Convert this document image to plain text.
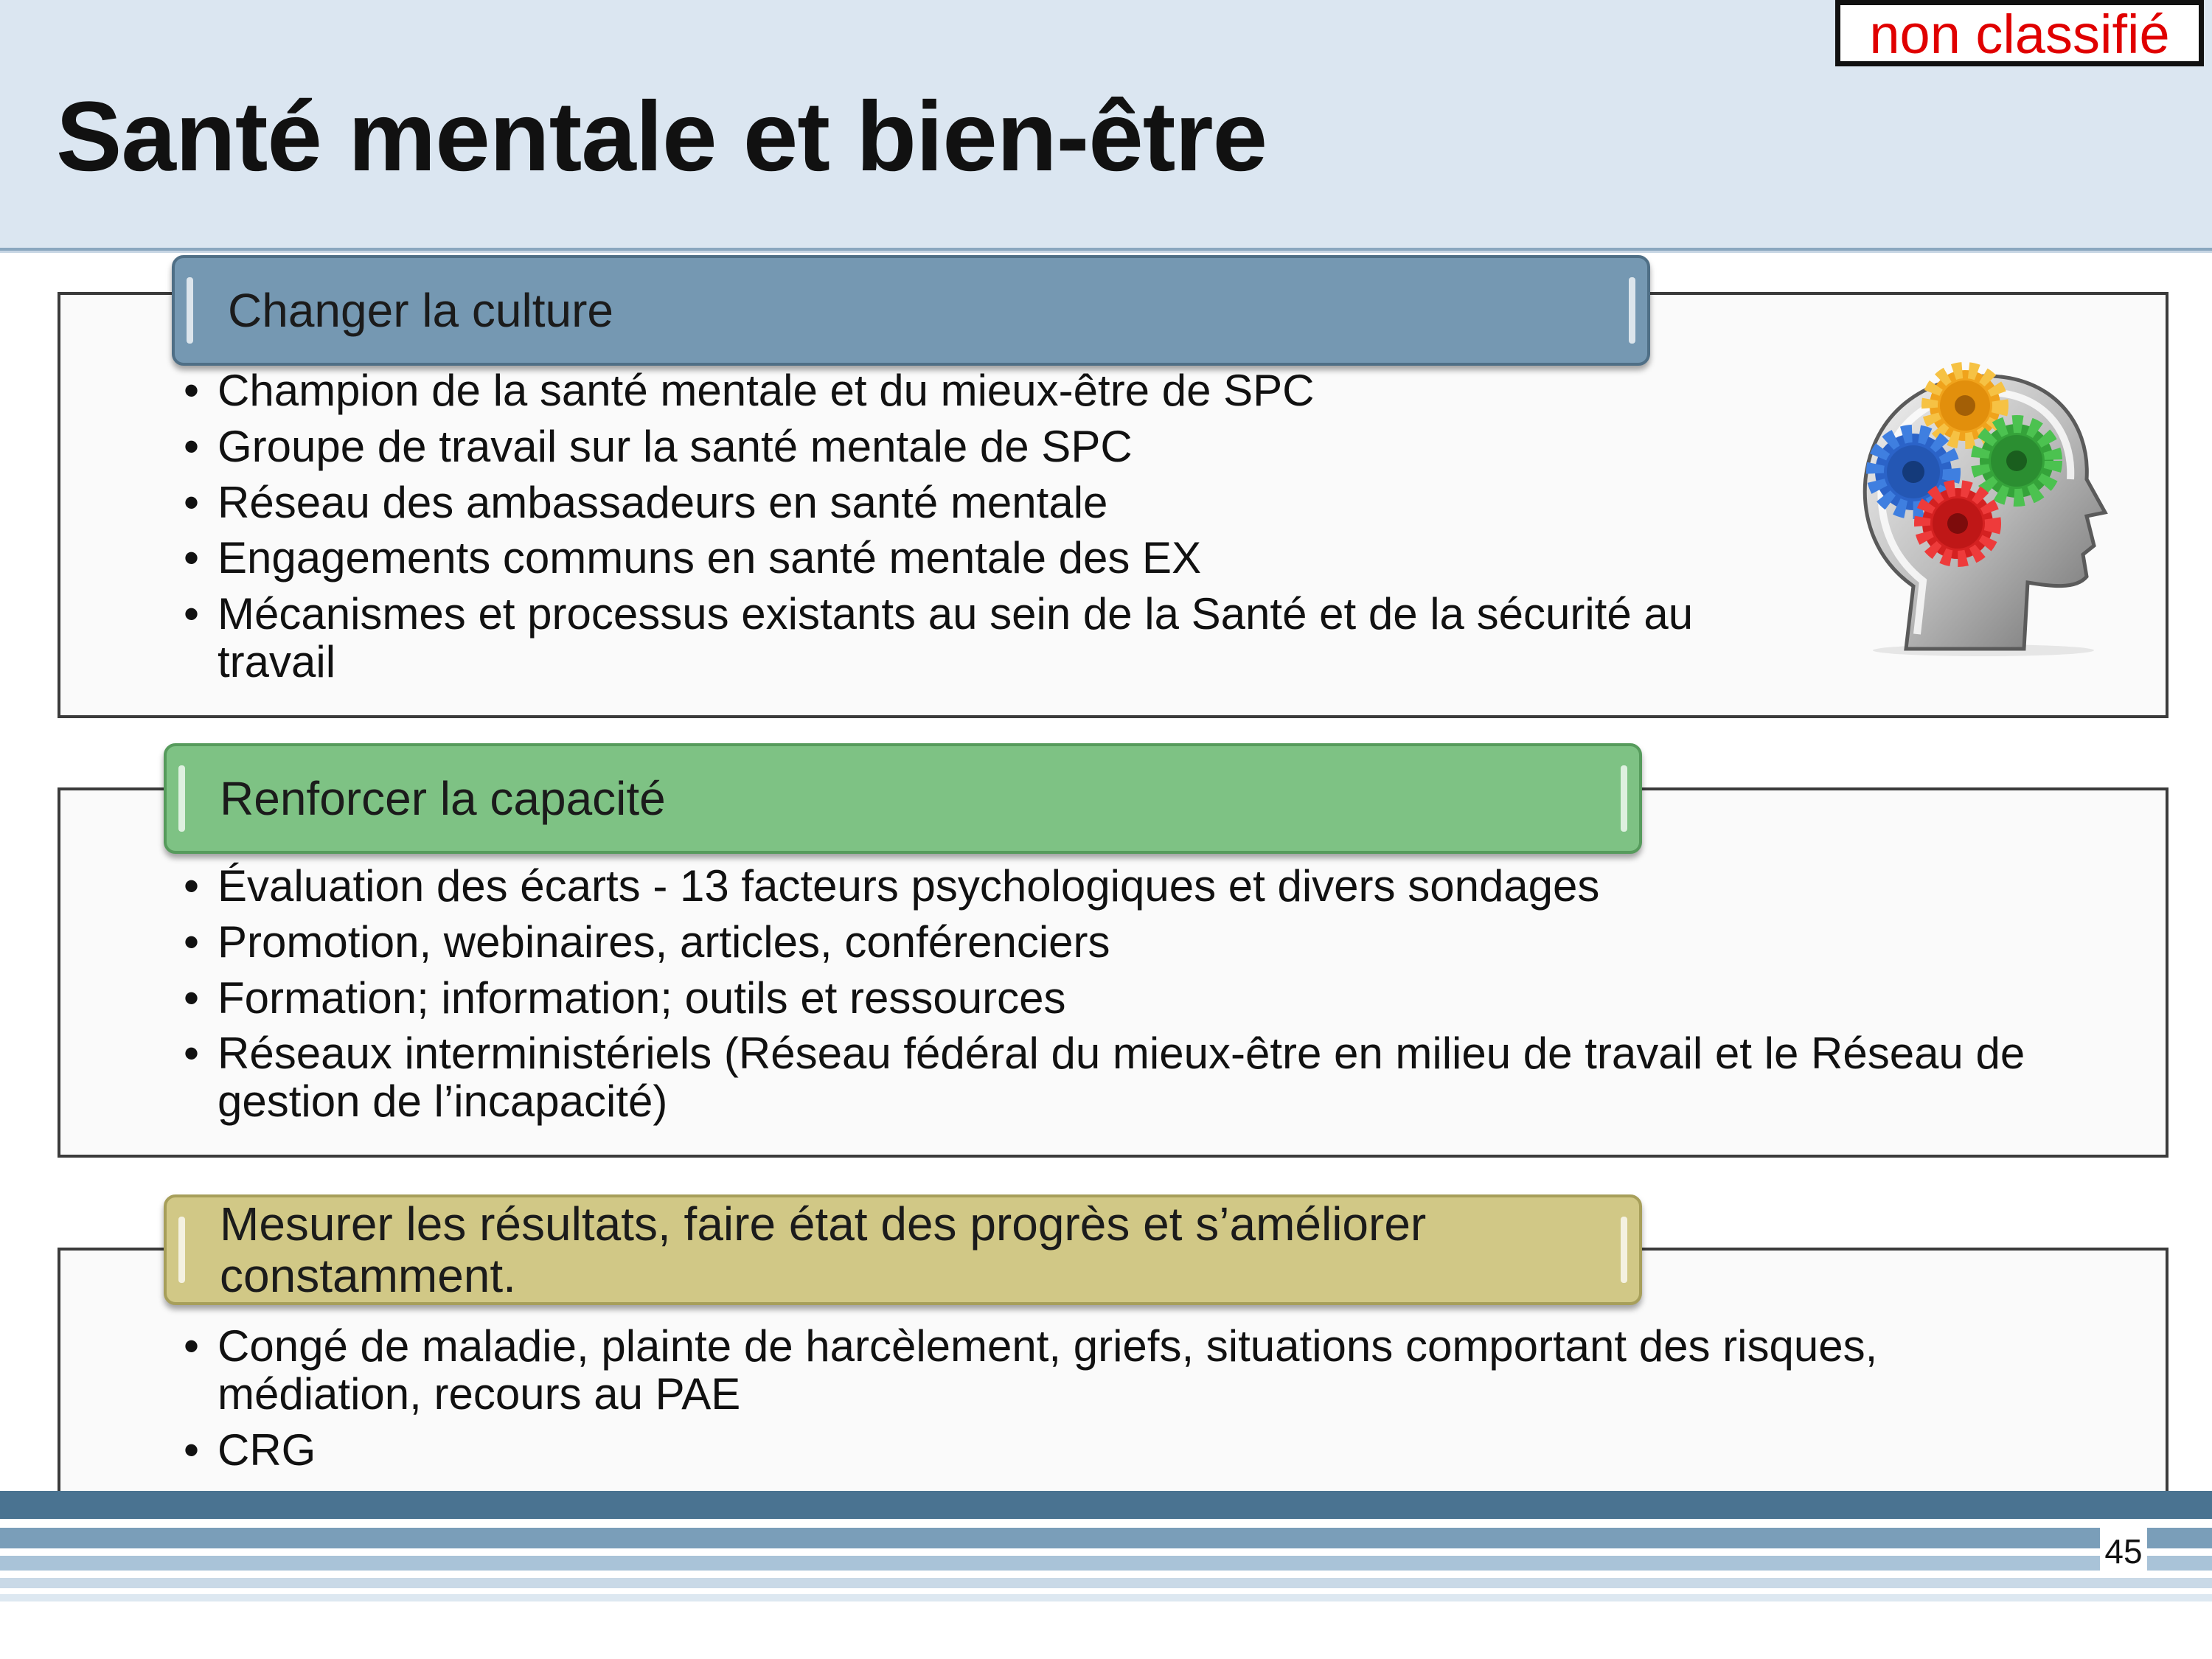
Santé mentale et bien-être
non classifié
Changer la culture
• Champion de la santé mentale et du mieux-être de SPC
• Groupe de travail sur la santé mentale de SPC
• Réseau des ambassadeurs en santé mentale
• Engagements communs en santé mentale des EX
• Mécanismes et processus existants au sein de la Santé et de la sécurité au travail
Renforcer la capacité
• Évaluation des écarts - 13 facteurs psychologiques et divers sondages
• Promotion, webinaires, articles, conférenciers
• Formation; information; outils et ressources
• Réseaux interministériels (Réseau fédéral du mieux-être en milieu de travail et le Réseau de gestion de l’incapacité)
Mesurer les résultats, faire état des progrès et s’améliorer constamment.
• Congé de maladie, plainte de harcèlement, griefs, situations comportant des risques, médiation, recours au PAE
• CRG
45
